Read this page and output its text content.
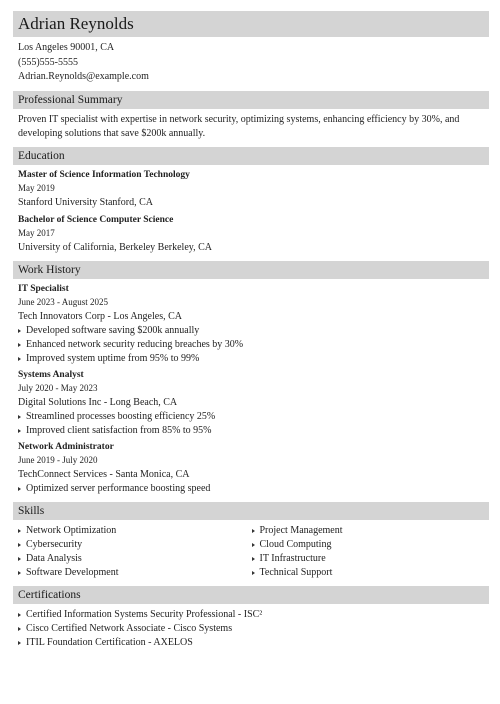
Adrian Reynolds
Los Angeles 90001, CA
(555)555-5555
Adrian.Reynolds@example.com
Professional Summary

Proven IT specialist with expertise in network security, optimizing systems, enhancing efficiency by 30%, and developing solutions that save $200k annually.

Education
Master of Science Information Technology
May 2019
Stanford University Stanford, CA
Bachelor of Science Computer Science
May 2017
University of California, Berkeley Berkeley, CA
Work History
IT Specialist
June 2023 - August 2025
Tech Innovators Corp - Los Angeles, CA
Developed software saving $200k annually
Enhanced network security reducing breaches by 30%
Improved system uptime from 95% to 99%
Systems Analyst
July 2020 - May 2023
Digital Solutions Inc - Long Beach, CA
Streamlined processes boosting efficiency 25%
Improved client satisfaction from 85% to 95%
Network Administrator
June 2019 - July 2020
TechConnect Services - Santa Monica, CA
Optimized server performance boosting speed
Skills
Network Optimization
Cybersecurity
Data Analysis
Software Development
Project Management
Cloud Computing
IT Infrastructure
Technical Support
Certifications
Certified Information Systems Security Professional - ISC²
Cisco Certified Network Associate - Cisco Systems
ITIL Foundation Certification - AXELOS
